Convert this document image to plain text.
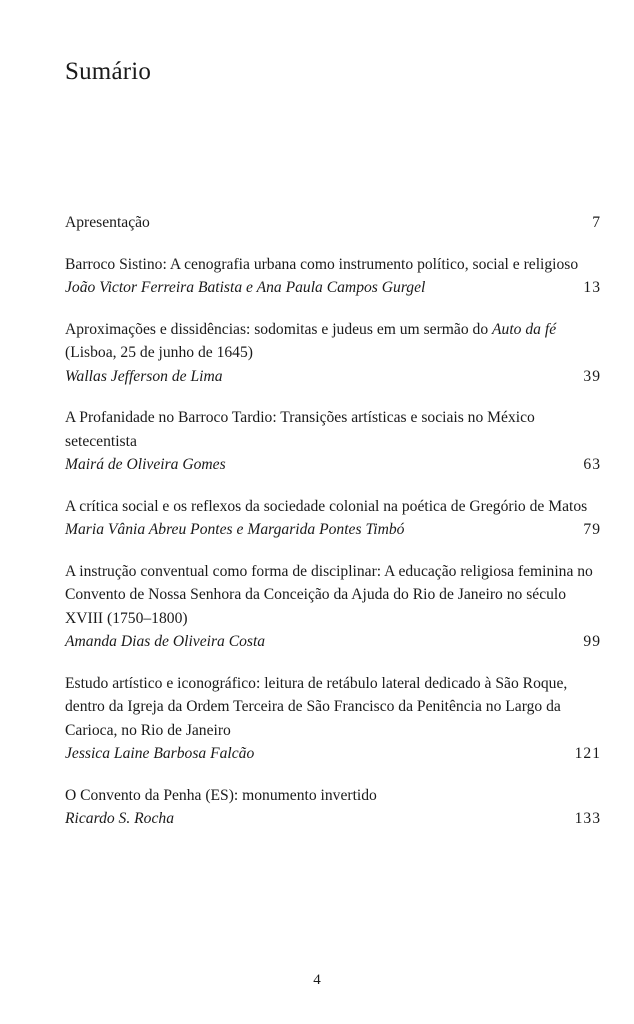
Sumário
Apresentação	7
Barroco Sistino: A cenografia urbana como instrumento político, social e religioso
João Victor Ferreira Batista e Ana Paula Campos Gurgel	13
Aproximações e dissidências: sodomitas e judeus em um sermão do Auto da fé (Lisboa, 25 de junho de 1645)
Wallas Jefferson de Lima	39
A Profanidade no Barroco Tardio: Transições artísticas e sociais no México setecentista
Mairá de Oliveira Gomes	63
A crítica social e os reflexos da sociedade colonial na poética de Gregório de Matos
Maria Vânia Abreu Pontes e Margarida Pontes Timbó	79
A instrução conventual como forma de disciplinar: A educação religiosa feminina no Convento de Nossa Senhora da Conceição da Ajuda do Rio de Janeiro no século XVIII (1750–1800)
Amanda Dias de Oliveira Costa	99
Estudo artístico e iconográfico: leitura de retábulo lateral dedicado à São Roque, dentro da Igreja da Ordem Terceira de São Francisco da Penitência no Largo da Carioca, no Rio de Janeiro
Jessica Laine Barbosa Falcão	121
O Convento da Penha (ES): monumento invertido
Ricardo S. Rocha	133
4
